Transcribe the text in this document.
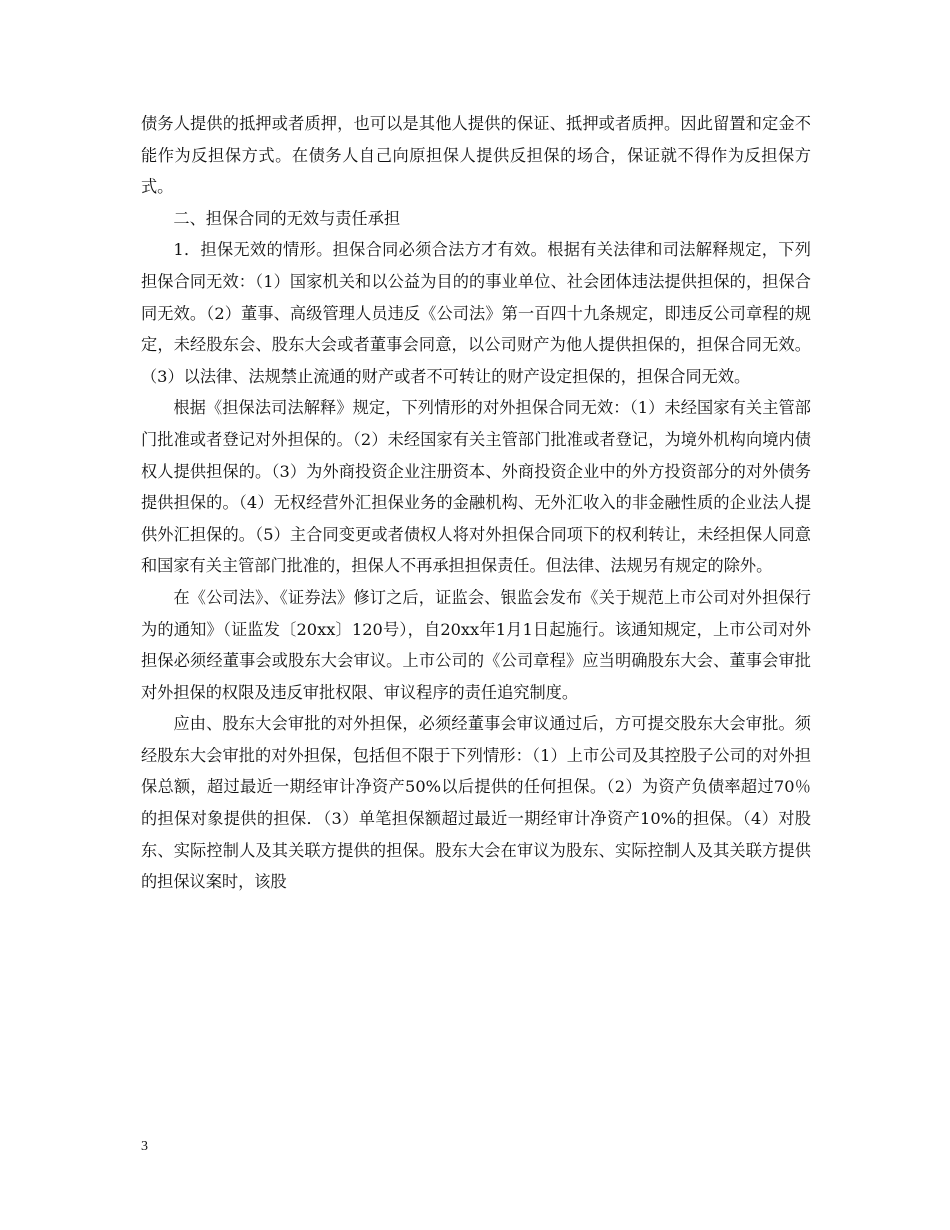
债务人提供的抵押或者质押，也可以是其他人提供的保证、抵押或者质押。因此留置和定金不能作为反担保方式。在债务人自己向原担保人提供反担保的场合，保证就不得作为反担保方式。

二、担保合同的无效与责任承担

1．担保无效的情形。担保合同必须合法方才有效。根据有关法律和司法解释规定，下列担保合同无效：（1）国家机关和以公益为目的的事业单位、社会团体违法提供担保的，担保合同无效。（2）董事、高级管理人员违反《公司法》第一百四十九条规定，即违反公司章程的规定，未经股东会、股东大会或者董事会同意，以公司财产为他人提供担保的，担保合同无效。（3）以法律、法规禁止流通的财产或者不可转让的财产设定担保的，担保合同无效。

根据《担保法司法解释》规定，下列情形的对外担保合同无效：（1）未经国家有关主管部门批准或者登记对外担保的。（2）未经国家有关主管部门批准或者登记，为境外机构向境内债权人提供担保的。（3）为外商投资企业注册资本、外商投资企业中的外方投资部分的对外债务提供担保的。（4）无权经营外汇担保业务的金融机构、无外汇收入的非金融性质的企业法人提供外汇担保的。（5）主合同变更或者债权人将对外担保合同项下的权利转让，未经担保人同意和国家有关主管部门批准的，担保人不再承担担保责任。但法律、法规另有规定的除外。

在《公司法》、《证券法》修订之后，证监会、银监会发布《关于规范上市公司对外担保行为的通知》（证监发〔20xx〕120号），自20xx年1月1日起施行。该通知规定，上市公司对外担保必须经董事会或股东大会审议。上市公司的《公司章程》应当明确股东大会、董事会审批对外担保的权限及违反审批权限、审议程序的责任追究制度。

应由、股东大会审批的对外担保，必须经董事会审议通过后，方可提交股东大会审批。须经股东大会审批的对外担保，包括但不限于下列情形：（1）上市公司及其控股子公司的对外担保总额，超过最近一期经审计净资产50%以后提供的任何担保。（2）为资产负债率超过70％的担保对象提供的担保．（3）单笔担保额超过最近一期经审计净资产10%的担保。（4）对股东、实际控制人及其关联方提供的担保。股东大会在审议为股东、实际控制人及其关联方提供的担保议案时，该股

3
